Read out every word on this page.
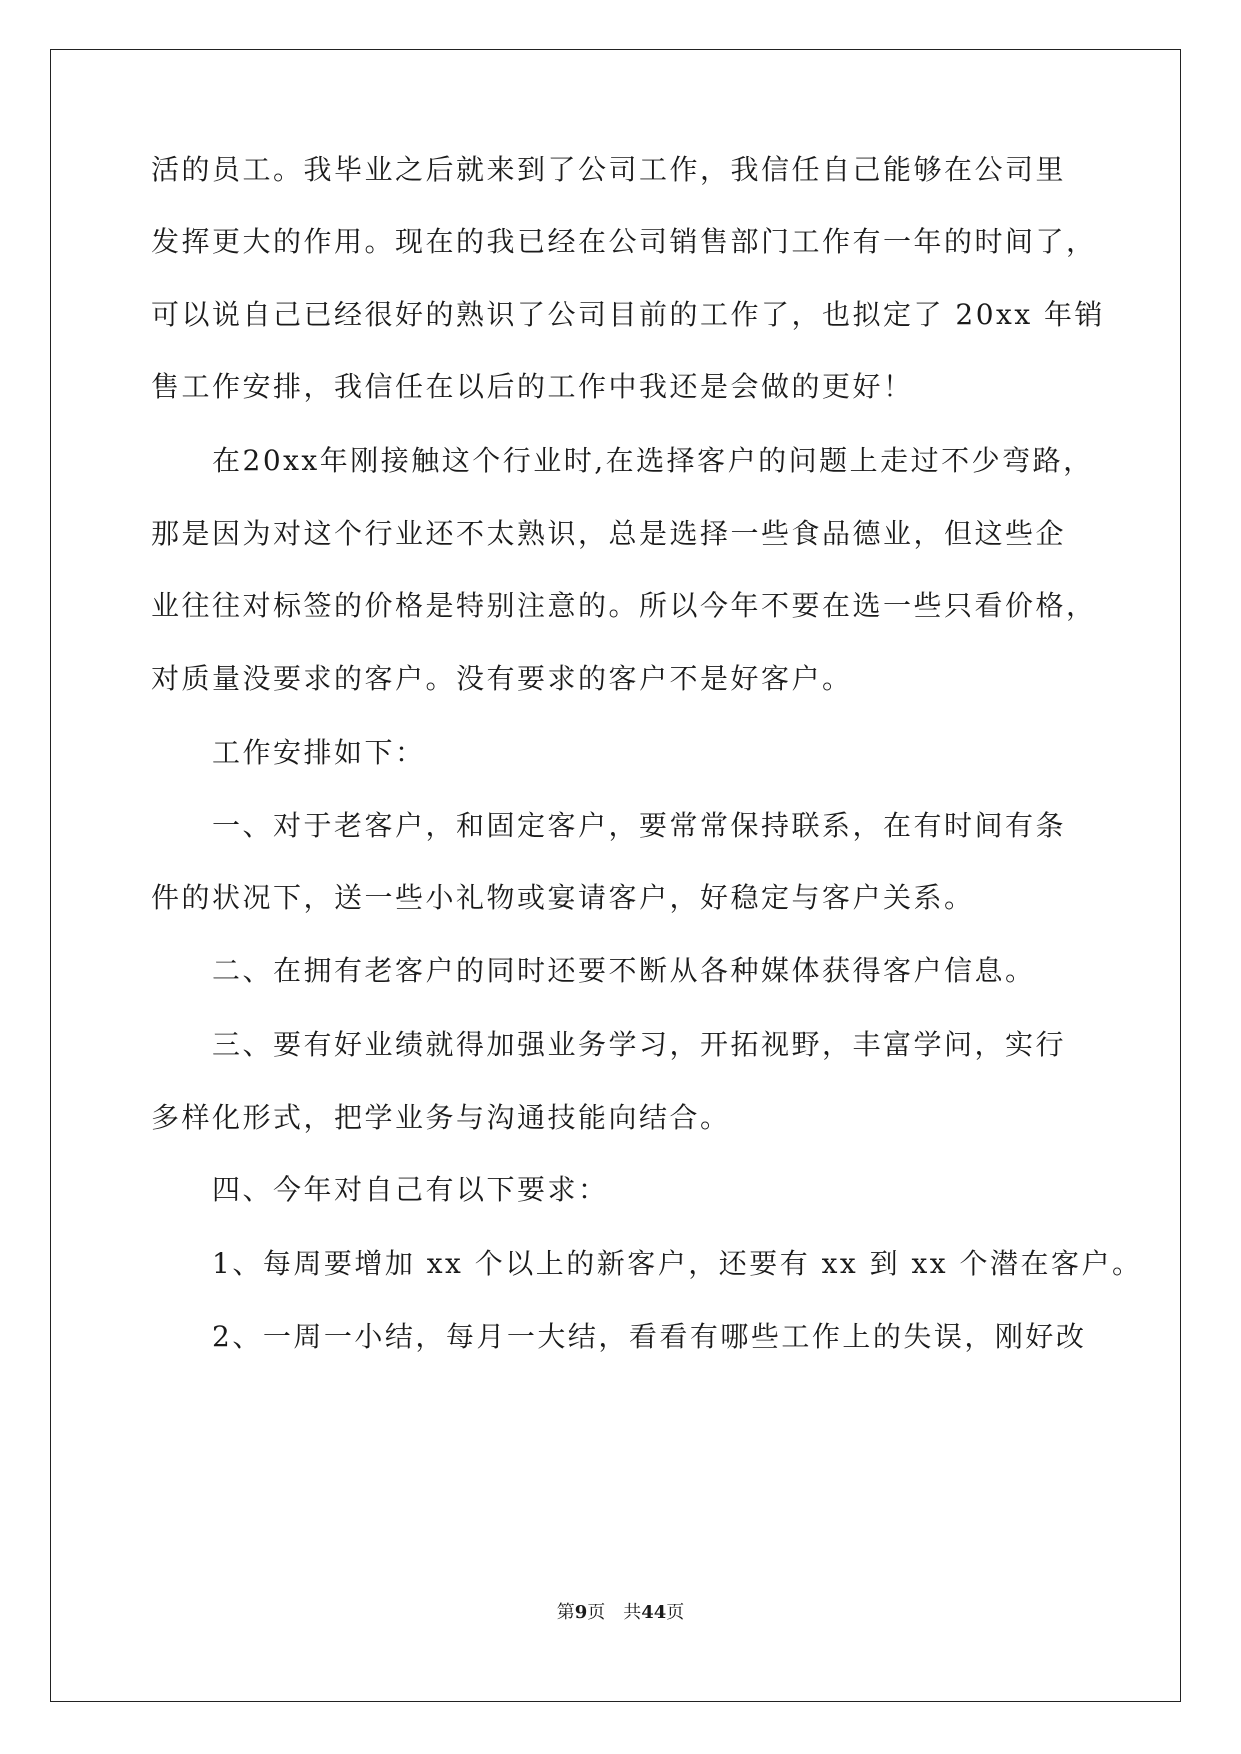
活的员工。我毕业之后就来到了公司工作，我信任自己能够在公司里
发挥更大的作用。现在的我已经在公司销售部门工作有一年的时间了，
可以说自己已经很好的熟识了公司目前的工作了，也拟定了 20xx 年销
售工作安排，我信任在以后的工作中我还是会做的更好！
　　在20xx年刚接触这个行业时,在选择客户的问题上走过不少弯路，
那是因为对这个行业还不太熟识，总是选择一些食品德业，但这些企
业往往对标签的价格是特别注意的。所以今年不要在选一些只看价格，
对质量没要求的客户。没有要求的客户不是好客户。
　　工作安排如下：
　　一、对于老客户，和固定客户，要常常保持联系，在有时间有条
件的状况下，送一些小礼物或宴请客户，好稳定与客户关系。
　　二、在拥有老客户的同时还要不断从各种媒体获得客户信息。
　　三、要有好业绩就得加强业务学习，开拓视野，丰富学问，实行
多样化形式，把学业务与沟通技能向结合。
　　四、今年对自己有以下要求：
　　1、每周要增加 xx 个以上的新客户，还要有 xx 到 xx 个潜在客户。
　　2、一周一小结，每月一大结，看看有哪些工作上的失误，刚好改
第9页 共44页
